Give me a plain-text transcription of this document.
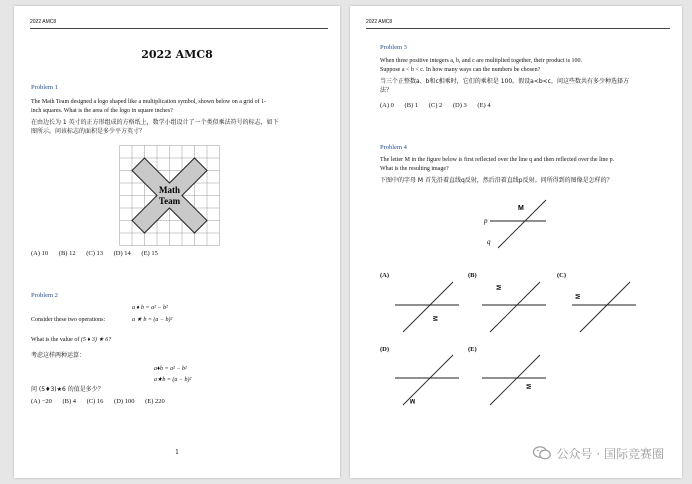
2022 AMC8
2022 AMC8
Problem 1
The Math Team designed a logo shaped like a multiplication symbol, shown below on a grid of 1-
inch squares. What is the area of the logo in square inches?
在由边长为 1 英寸的正方形组成的方格纸上，数学小组设计了一个类似乘法符号的标志，如下
图所示。问该标志的面积是多少平方英寸？
Math
Team
(A) 10 (B) 12 (C) 13 (D) 14 (E) 15
Problem 2
a ♦ b = a² − b²
Consider these two operations:	a ★ b = (a − b)²
What is the value of (5 ♦ 3) ★ 6?
考虑这样两种运算：
a♦b = a² − b²
a★b = (a − b)²
问 (5♦3)★6 的值是多少？
(A) −20 (B) 4 (C) 16 (D) 100 (E) 220
1
2022 AMC8
Problem 3
When three positive integers a, b, and c are multiplied together, their product is 100.
Suppose a < b < c. In how many ways can the numbers be chosen?
当三个正整数a、b和c相乘时，它们的乘积是 100。假设a<b<c，问这些数共有多少种选择方
法？
(A) 0 (B) 1 (C) 2 (D) 3 (E) 4
Problem 4
The letter M in the figure below is first reflected over the line q and then reflected over the line p.
What is the resulting image?
下图中的字母 M 首先沿着直线q反射，然后沿着直线p反射。问所得到的图像是怎样的？
p
q
M
(A)
M
(B)
M
(C)
M
(D)
M
(E)
M
公众号 · 国际竞赛圈
